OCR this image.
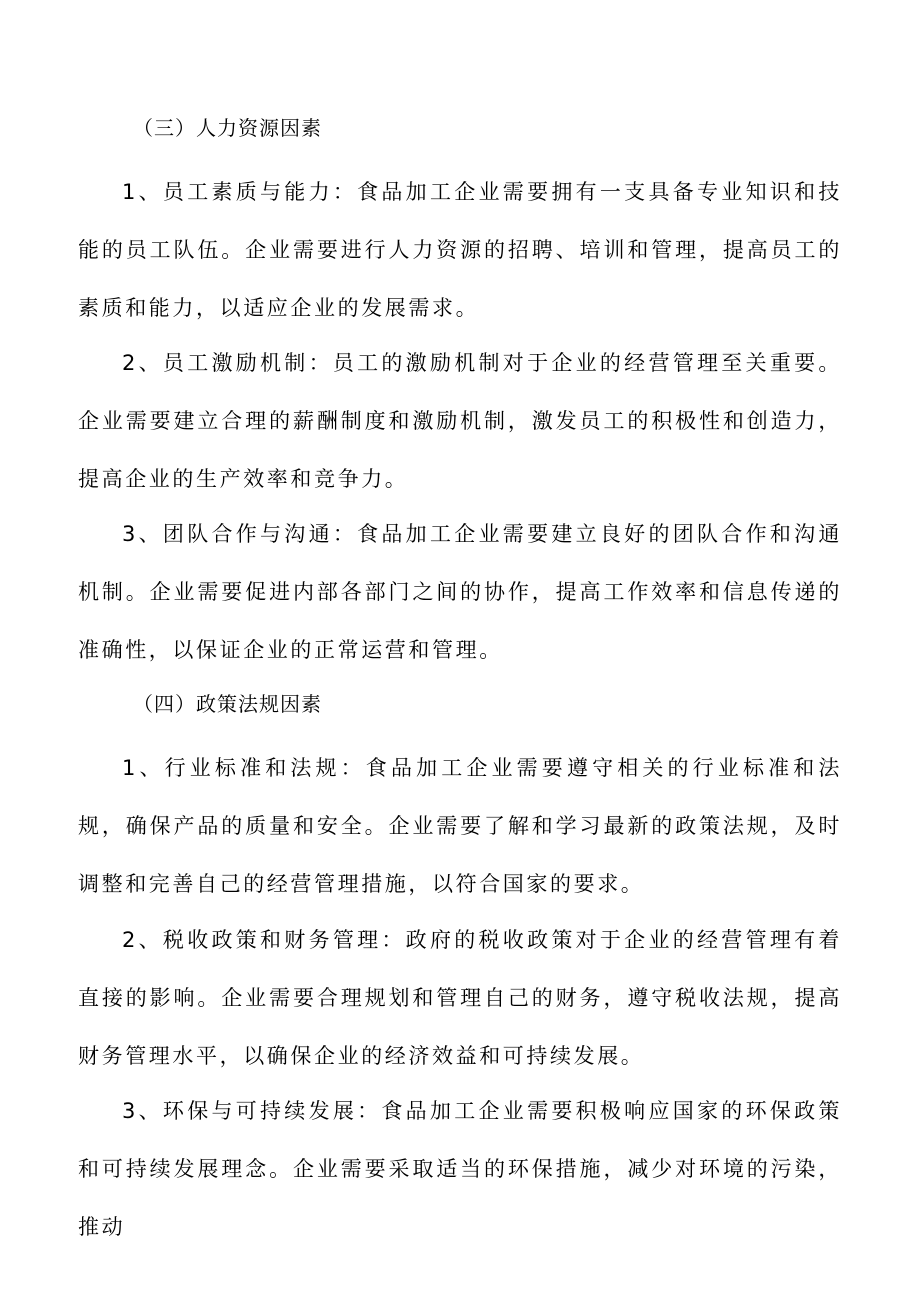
（三）人力资源因素

1、员工素质与能力：食品加工企业需要拥有一支具备专业知识和技能的员工队伍。企业需要进行人力资源的招聘、培训和管理，提高员工的素质和能力，以适应企业的发展需求。

2、员工激励机制：员工的激励机制对于企业的经营管理至关重要。企业需要建立合理的薪酬制度和激励机制，激发员工的积极性和创造力，提高企业的生产效率和竞争力。

3、团队合作与沟通：食品加工企业需要建立良好的团队合作和沟通机制。企业需要促进内部各部门之间的协作，提高工作效率和信息传递的准确性，以保证企业的正常运营和管理。

（四）政策法规因素

1、行业标准和法规：食品加工企业需要遵守相关的行业标准和法规，确保产品的质量和安全。企业需要了解和学习最新的政策法规，及时调整和完善自己的经营管理措施，以符合国家的要求。

2、税收政策和财务管理：政府的税收政策对于企业的经营管理有着直接的影响。企业需要合理规划和管理自己的财务，遵守税收法规，提高财务管理水平，以确保企业的经济效益和可持续发展。

3、环保与可持续发展：食品加工企业需要积极响应国家的环保政策和可持续发展理念。企业需要采取适当的环保措施，减少对环境的污染，推动
